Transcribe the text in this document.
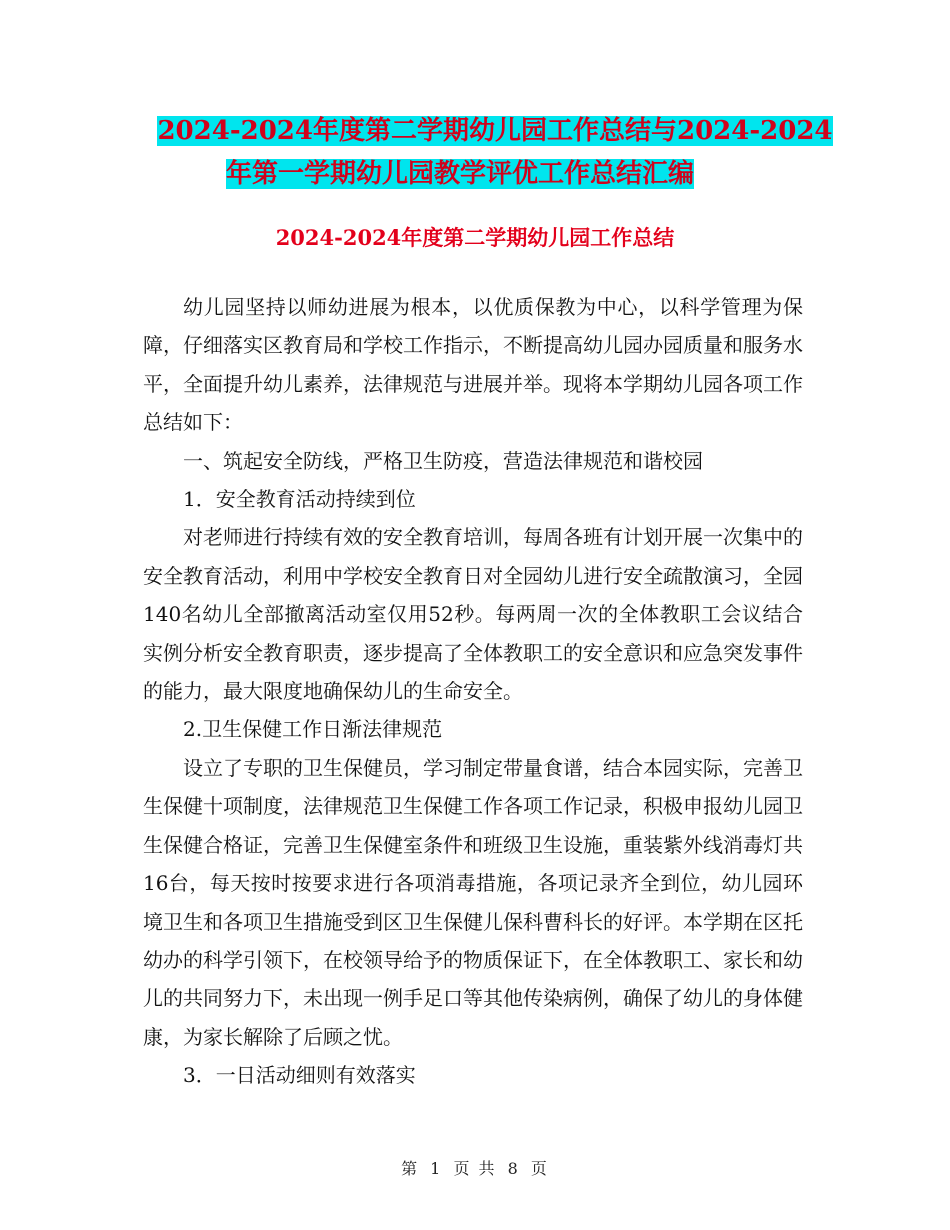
2024-2024年度第二学期幼儿园工作总结与2024-2024
年第一学期幼儿园教学评优工作总结汇编
2024-2024年度第二学期幼儿园工作总结

幼儿园坚持以师幼进展为根本，以优质保教为中心，以科学管理为保障，仔细落实区教育局和学校工作指示，不断提高幼儿园办园质量和服务水平，全面提升幼儿素养，法律规范与进展并举。现将本学期幼儿园各项工作总结如下：

一、筑起安全防线，严格卫生防疫，营造法律规范和谐校园

1．安全教育活动持续到位

对老师进行持续有效的安全教育培训，每周各班有计划开展一次集中的安全教育活动，利用中学校安全教育日对全园幼儿进行安全疏散演习，全园140名幼儿全部撤离活动室仅用52秒。每两周一次的全体教职工会议结合实例分析安全教育职责，逐步提高了全体教职工的安全意识和应急突发事件的能力，最大限度地确保幼儿的生命安全。

2.卫生保健工作日渐法律规范

设立了专职的卫生保健员，学习制定带量食谱，结合本园实际，完善卫生保健十项制度，法律规范卫生保健工作各项工作记录，积极申报幼儿园卫生保健合格证，完善卫生保健室条件和班级卫生设施，重装紫外线消毒灯共16台，每天按时按要求进行各项消毒措施，各项记录齐全到位，幼儿园环境卫生和各项卫生措施受到区卫生保健儿保科曹科长的好评。本学期在区托幼办的科学引领下，在校领导给予的物质保证下，在全体教职工、家长和幼儿的共同努力下，未出现一例手足口等其他传染病例，确保了幼儿的身体健康，为家长解除了后顾之忧。

3．一日活动细则有效落实

第 1 页 共 8 页
